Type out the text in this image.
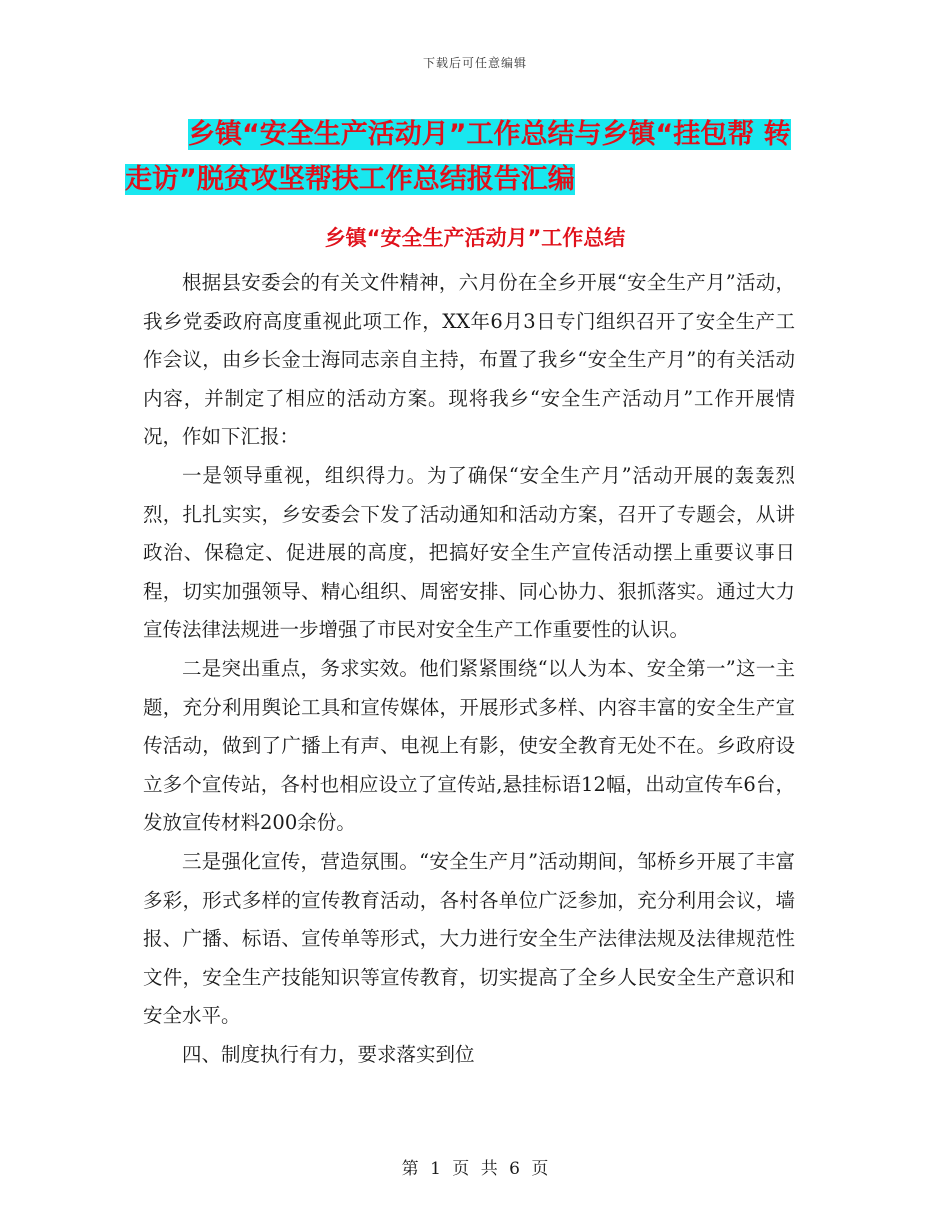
下载后可任意编辑
乡镇“安全生产活动月”工作总结与乡镇“挂包帮 转
走访”脱贫攻坚帮扶工作总结报告汇编
乡镇“安全生产活动月”工作总结

根据县安委会的有关文件精神，六月份在全乡开展“安全生产月”活动，我乡党委政府高度重视此项工作，XX年6月3日专门组织召开了安全生产工作会议，由乡长金士海同志亲自主持，布置了我乡“安全生产月”的有关活动内容，并制定了相应的活动方案。现将我乡“安全生产活动月”工作开展情况，作如下汇报：

一是领导重视，组织得力。为了确保“安全生产月”活动开展的轰轰烈烈，扎扎实实，乡安委会下发了活动通知和活动方案，召开了专题会，从讲政治、保稳定、促进展的高度，把搞好安全生产宣传活动摆上重要议事日程，切实加强领导、精心组织、周密安排、同心协力、狠抓落实。通过大力宣传法律法规进一步增强了市民对安全生产工作重要性的认识。

二是突出重点，务求实效。他们紧紧围绕“以人为本、安全第一”这一主题，充分利用舆论工具和宣传媒体，开展形式多样、内容丰富的安全生产宣传活动，做到了广播上有声、电视上有影，使安全教育无处不在。乡政府设立多个宣传站，各村也相应设立了宣传站,悬挂标语12幅，出动宣传车6台，发放宣传材料200余份。

三是强化宣传，营造氛围。“安全生产月”活动期间，邹桥乡开展了丰富多彩，形式多样的宣传教育活动，各村各单位广泛参加，充分利用会议，墙报、广播、标语、宣传单等形式，大力进行安全生产法律法规及法律规范性文件，安全生产技能知识等宣传教育，切实提高了全乡人民安全生产意识和安全水平。

四、制度执行有力，要求落实到位

第 1 页 共 6 页
